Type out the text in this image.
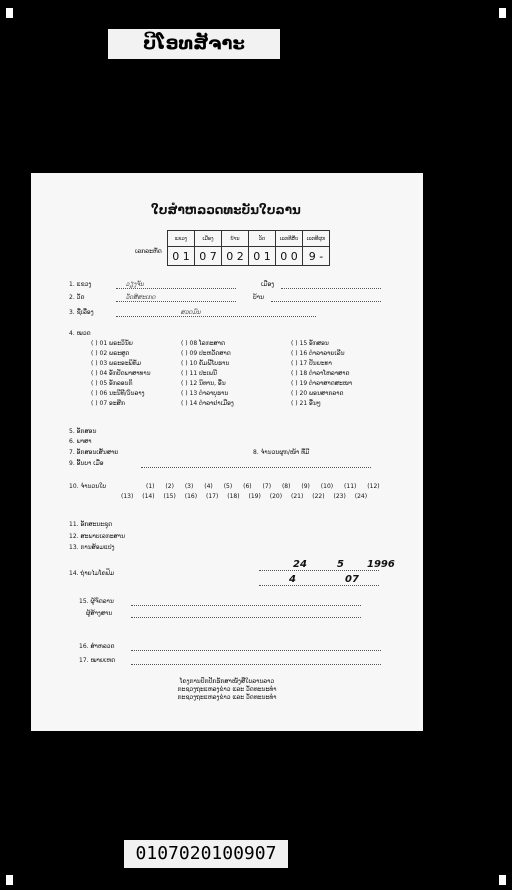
ບີໂອທສັຈາະ
ໃບສຳຫລວດທະບັນໃບລານ
ເລກລະຫັດ
ແຂວງ	ເມືອງ	ບ້ານ	ວັດ	ເລກທີສືບ	ເລກທີຜູກ
0 1	0 7	0 2	0 1	0 0	9 -
1. ແຂວງ	ວຽງຈັນ	ເມືອງ
2. ວັດ	ວັດ​ສີ​ສະ​ເກດ	ບ້ານ
3. ຊື່ເລື່ອງ	ສວດມົນ
4. ໝວດ
( ) 01 ພຣະວິນັຍ
( ) 02 ພຣະສູດ
( ) 03 ພຣະອະພິທັມ
( ) 04 ອັກປັດພາສາທານ
( ) 05 ອັກລອນກິ
( ) 06 ນະນີທີ/ວົນລາງ
( ) 07 ອະສີກ
( ) 08 ໂລກະສາດ
( ) 09 ປະຫວັດສາດ
( ) 10 ຄັມພີໂບຮານ
( ) 11 ປະເພນີ
( ) 12 ນິທານ, ອື່ນ
( ) 13 ຕຳລາບຸຮານ
( ) 14 ຕຳລາຢາເມືອງ
( ) 15 ອັກສອນ
( ) 16 ຕຳລາລາຍເລີນ
( ) 17 ປັນຍະທາ
( ) 18 ຕຳລາໂຫລາສາດ
( ) 19 ຕຳລາສາດສະໜາ
( ) 20 ພອນສາກລາດ
( ) 21 ອື່ນໆ
5. ອັກສອນ
6. ພາສາ
7. ອັກສອນເສັ້ນສາຍ	8. ຈຳນວນຜູກ/ໜ້າ ທີ່ມີ
9. ອີ້ນບາ ເມື່ອ
10. ຈຳນວນໃບ	(1) (2) (3) (4) (5) (6) (7) (8) (9) (10) (11) (12)
(13) (14) (15) (16) (17) (18) (19) (20) (21) (22) (23) (24)
11. ອັກສະນະຊຸດ
12. ສະພາບເລກະສານ
13. ການສ້ອມແປງ
14. ຖ່າຍໄມໂຄຟິມ
24	5 1996
4	07
15. ຜູ້ຈົດລານ
ຜູ້ສ້າງສານ
16. ສຳຫລວດ
17. ໝາຍເຫດ
ໂຄງການປົກປັກຮັກສາໜັງສືໃບລານລາວ
ກະຊວງຖະແຫລງຂ່າວ ແລະ ວັດທະນະທຳ
ກະຊວງຖະແຫລງຂ່າວ ແລະ ວັດທະນະທຳ
0107020100907
